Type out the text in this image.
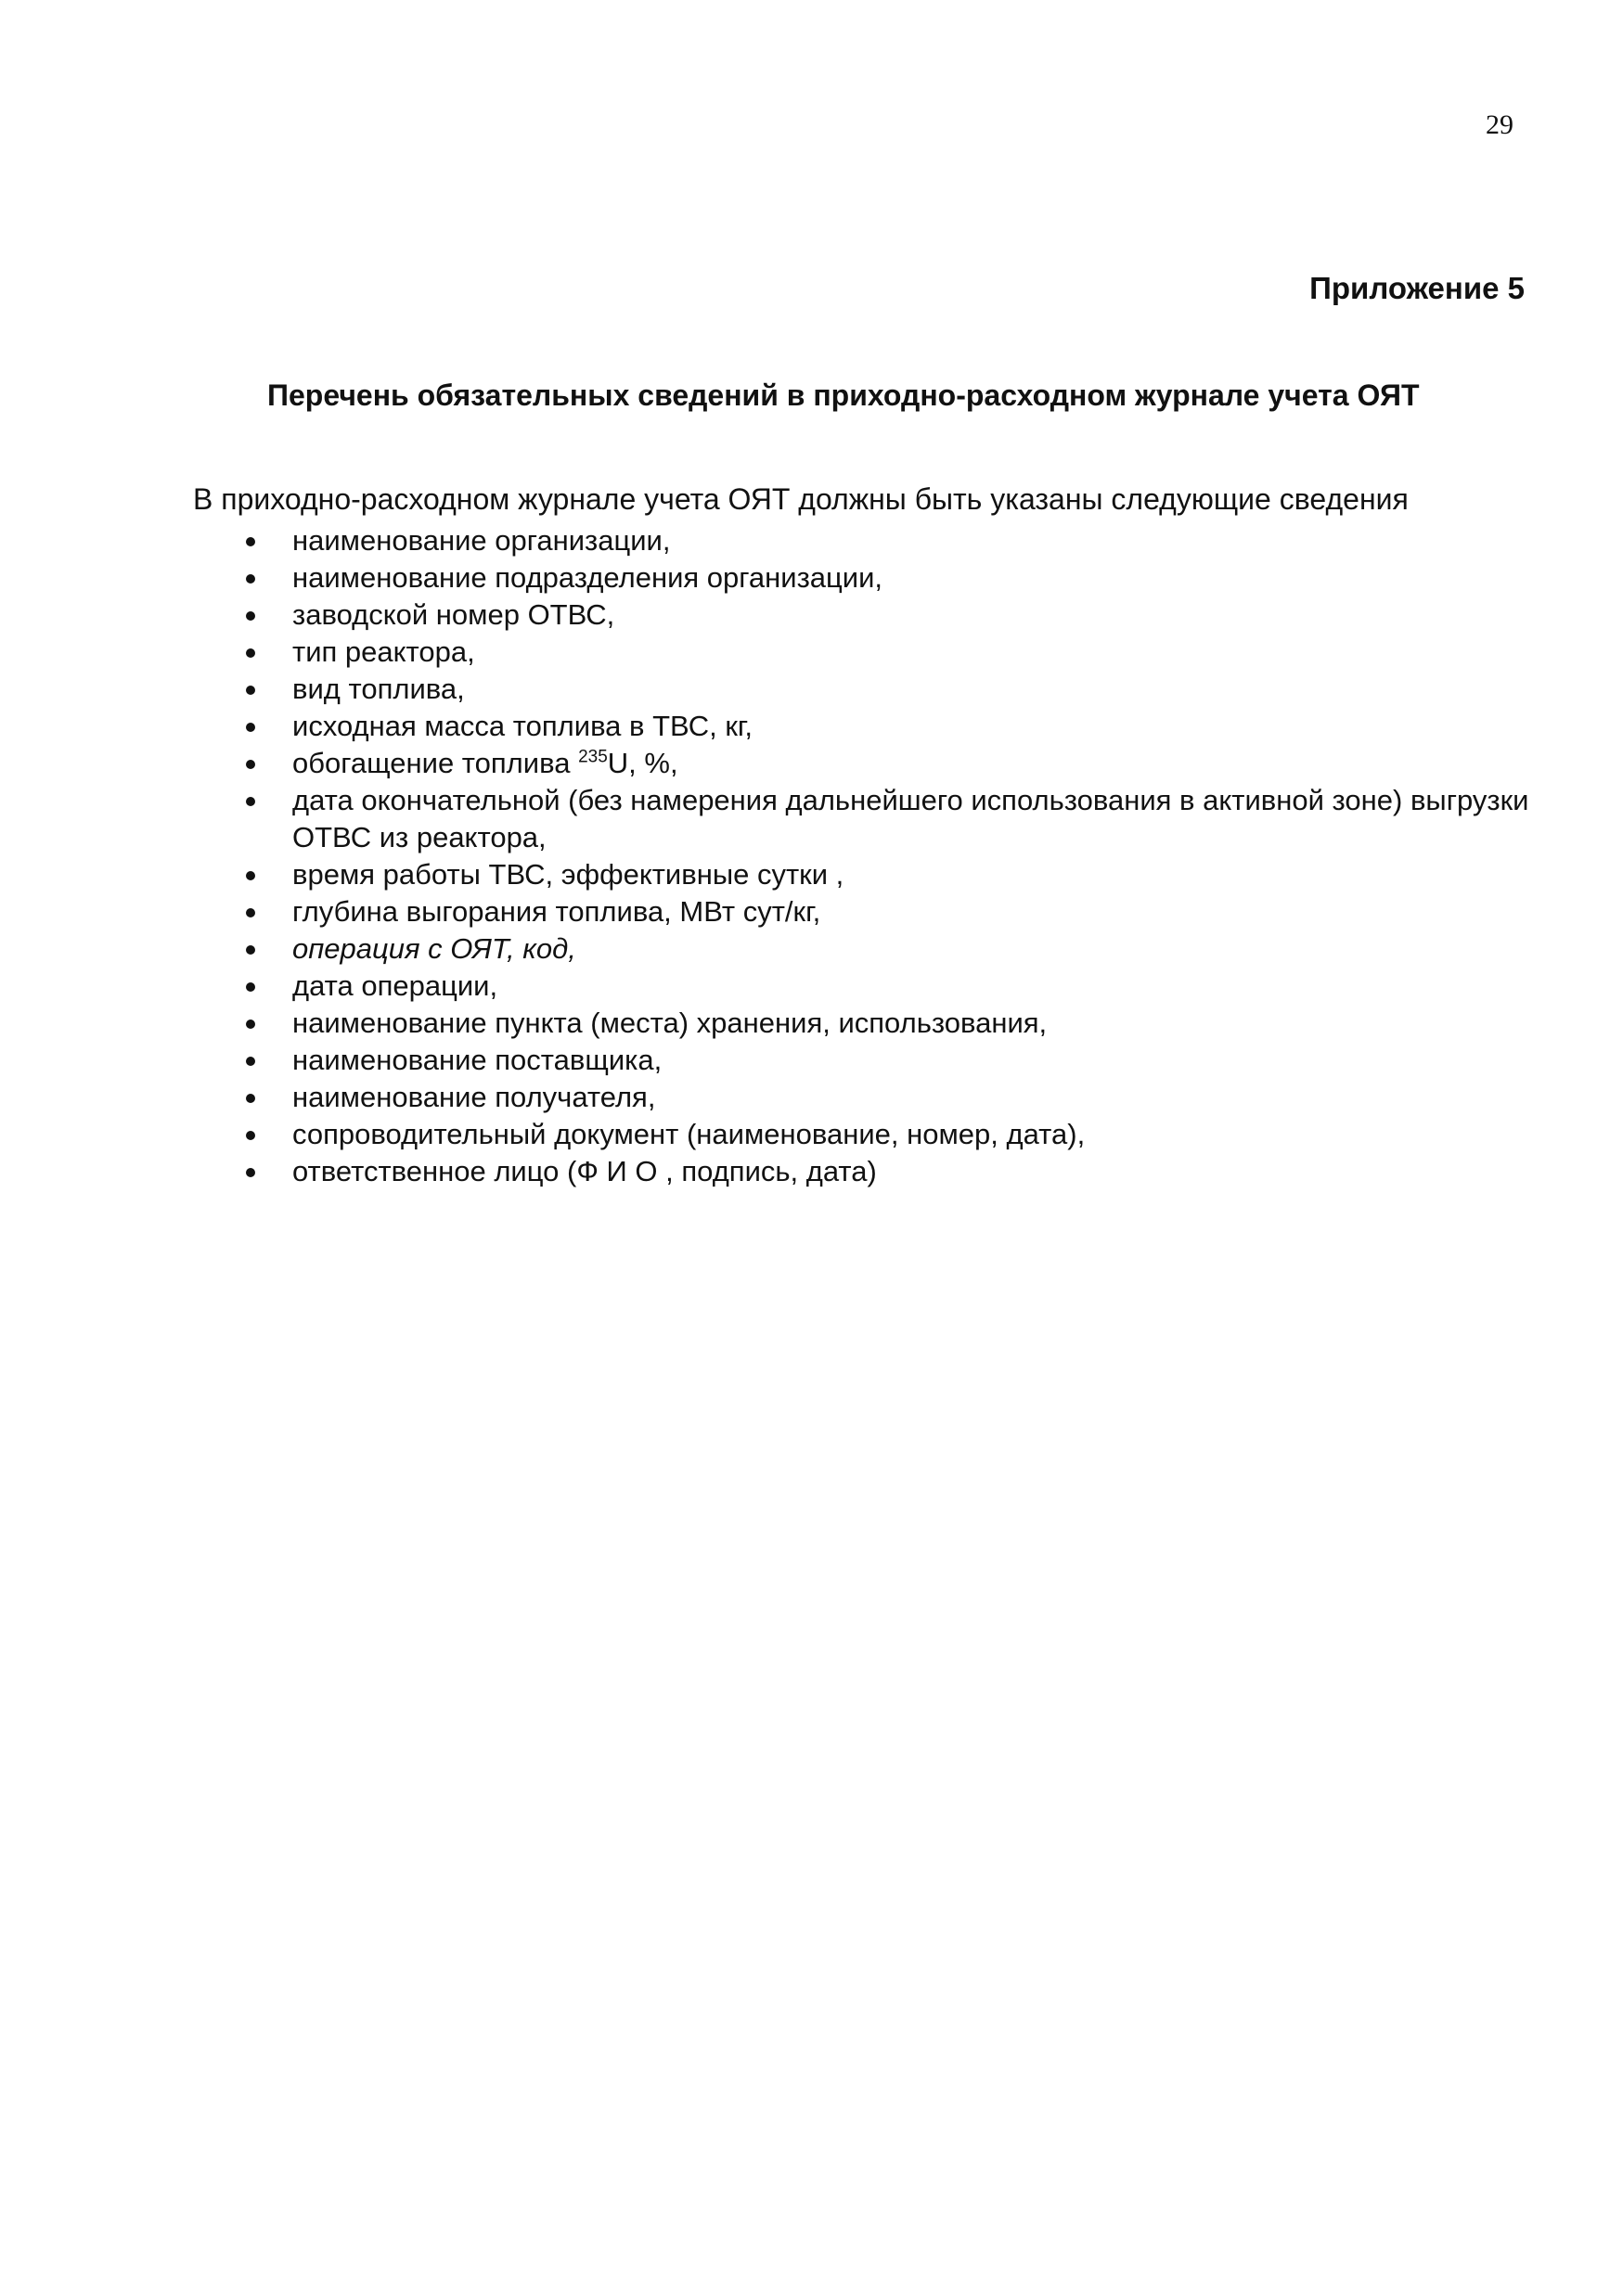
29
Приложение 5
Перечень обязательных сведений в приходно-расходном журнале учета ОЯТ
В приходно-расходном журнале учета ОЯТ должны быть указаны следующие сведения
наименование организации,
наименование подразделения организации,
заводской номер ОТВС,
тип реактора,
вид топлива,
исходная масса топлива в ТВС, кг,
обогащение топлива $^{235}$U, %,
дата окончательной (без намерения дальнейшего использования в активной зоне) выгрузки ОТВС из реактора,
время работы ТВС, эффективные сутки ,
глубина выгорания топлива, МВт сут/кг,
операция с ОЯТ, код,
дата операции,
наименование пункта (места) хранения, использования,
наименование поставщика,
наименование получателя,
сопроводительный документ (наименование, номер, дата),
ответственное лицо (Ф И О , подпись, дата)
